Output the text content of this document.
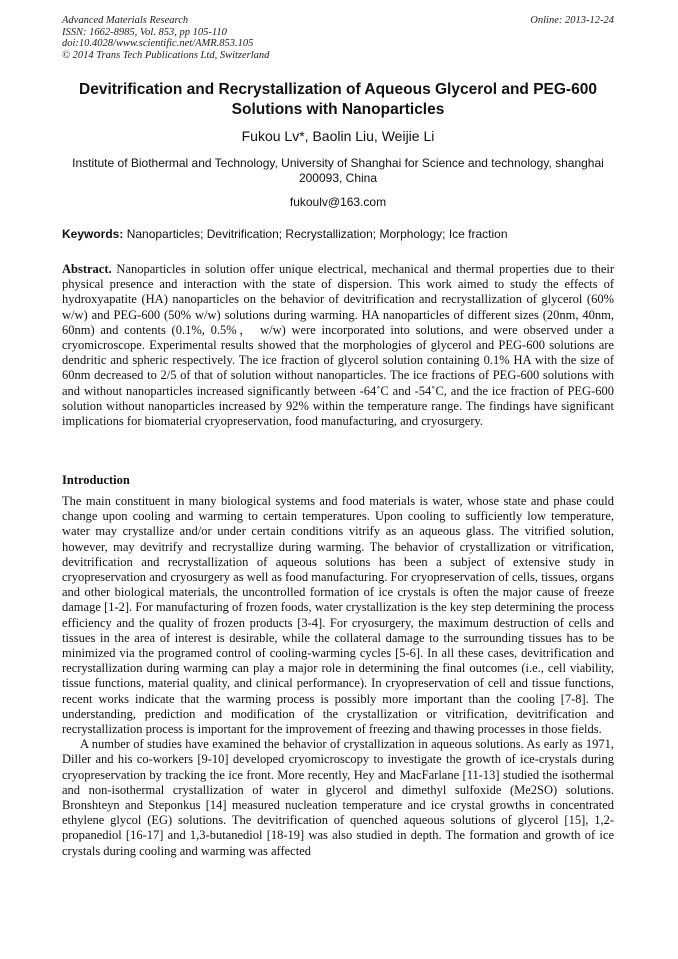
Advanced Materials Research
ISSN: 1662-8985, Vol. 853, pp 105-110
doi:10.4028/www.scientific.net/AMR.853.105
© 2014 Trans Tech Publications Ltd, Switzerland
Online: 2013-12-24
Devitrification and Recrystallization of Aqueous Glycerol and PEG-600 Solutions with Nanoparticles
Fukou Lv*, Baolin Liu, Weijie Li
Institute of Biothermal and Technology, University of Shanghai for Science and technology, shanghai 200093, China
fukoulv@163.com
Keywords: Nanoparticles; Devitrification; Recrystallization; Morphology; Ice fraction
Abstract. Nanoparticles in solution offer unique electrical, mechanical and thermal properties due to their physical presence and interaction with the state of dispersion. This work aimed to study the effects of hydroxyapatite (HA) nanoparticles on the behavior of devitrification and recrystallization of glycerol (60% w/w) and PEG-600 (50% w/w) solutions during warming. HA nanoparticles of different sizes (20nm, 40nm, 60nm) and contents (0.1%, 0.5%， w/w) were incorporated into solutions, and were observed under a cryomicroscope. Experimental results showed that the morphologies of glycerol and PEG-600 solutions are dendritic and spheric respectively. The ice fraction of glycerol solution containing 0.1% HA with the size of 60nm decreased to 2/5 of that of solution without nanoparticles. The ice fractions of PEG-600 solutions with and without nanoparticles increased significantly between -64˚C and -54˚C, and the ice fraction of PEG-600 solution without nanoparticles increased by 92% within the temperature range. The findings have significant implications for biomaterial cryopreservation, food manufacturing, and cryosurgery.
Introduction

The main constituent in many biological systems and food materials is water, whose state and phase could change upon cooling and warming to certain temperatures. Upon cooling to sufficiently low temperature, water may crystallize and/or under certain conditions vitrify as an aqueous glass. The vitrified solution, however, may devitrify and recrystallize during warming. The behavior of crystallization or vitrification, devitrification and recrystallization of aqueous solutions has been a subject of extensive study in cryopreservation and cryosurgery as well as food manufacturing. For cryopreservation of cells, tissues, organs and other biological materials, the uncontrolled formation of ice crystals is often the major cause of freeze damage [1-2]. For manufacturing of frozen foods, water crystallization is the key step determining the process efficiency and the quality of frozen products [3-4]. For cryosurgery, the maximum destruction of cells and tissues in the area of interest is desirable, while the collateral damage to the surrounding tissues has to be minimized via the programed control of cooling-warming cycles [5-6]. In all these cases, devitrification and recrystallization during warming can play a major role in determining the final outcomes (i.e., cell viability, tissue functions, material quality, and clinical performance). In cryopreservation of cell and tissue functions, recent works indicate that the warming process is possibly more important than the cooling [7-8]. The understanding, prediction and modification of the crystallization or vitrification, devitrification and recrystallization process is important for the improvement of freezing and thawing processes in those fields.

A number of studies have examined the behavior of crystallization in aqueous solutions. As early as 1971, Diller and his co-workers [9-10] developed cryomicroscopy to investigate the growth of ice-crystals during cryopreservation by tracking the ice front. More recently, Hey and MacFarlane [11-13] studied the isothermal and non-isothermal crystallization of water in glycerol and dimethyl sulfoxide (Me2SO) solutions. Bronshteyn and Steponkus [14] measured nucleation temperature and ice crystal growths in concentrated ethylene glycol (EG) solutions. The devitrification of quenched aqueous solutions of glycerol [15], 1,2-propanediol [16-17] and 1,3-butanediol [18-19] was also studied in depth. The formation and growth of ice crystals during cooling and warming was affected
